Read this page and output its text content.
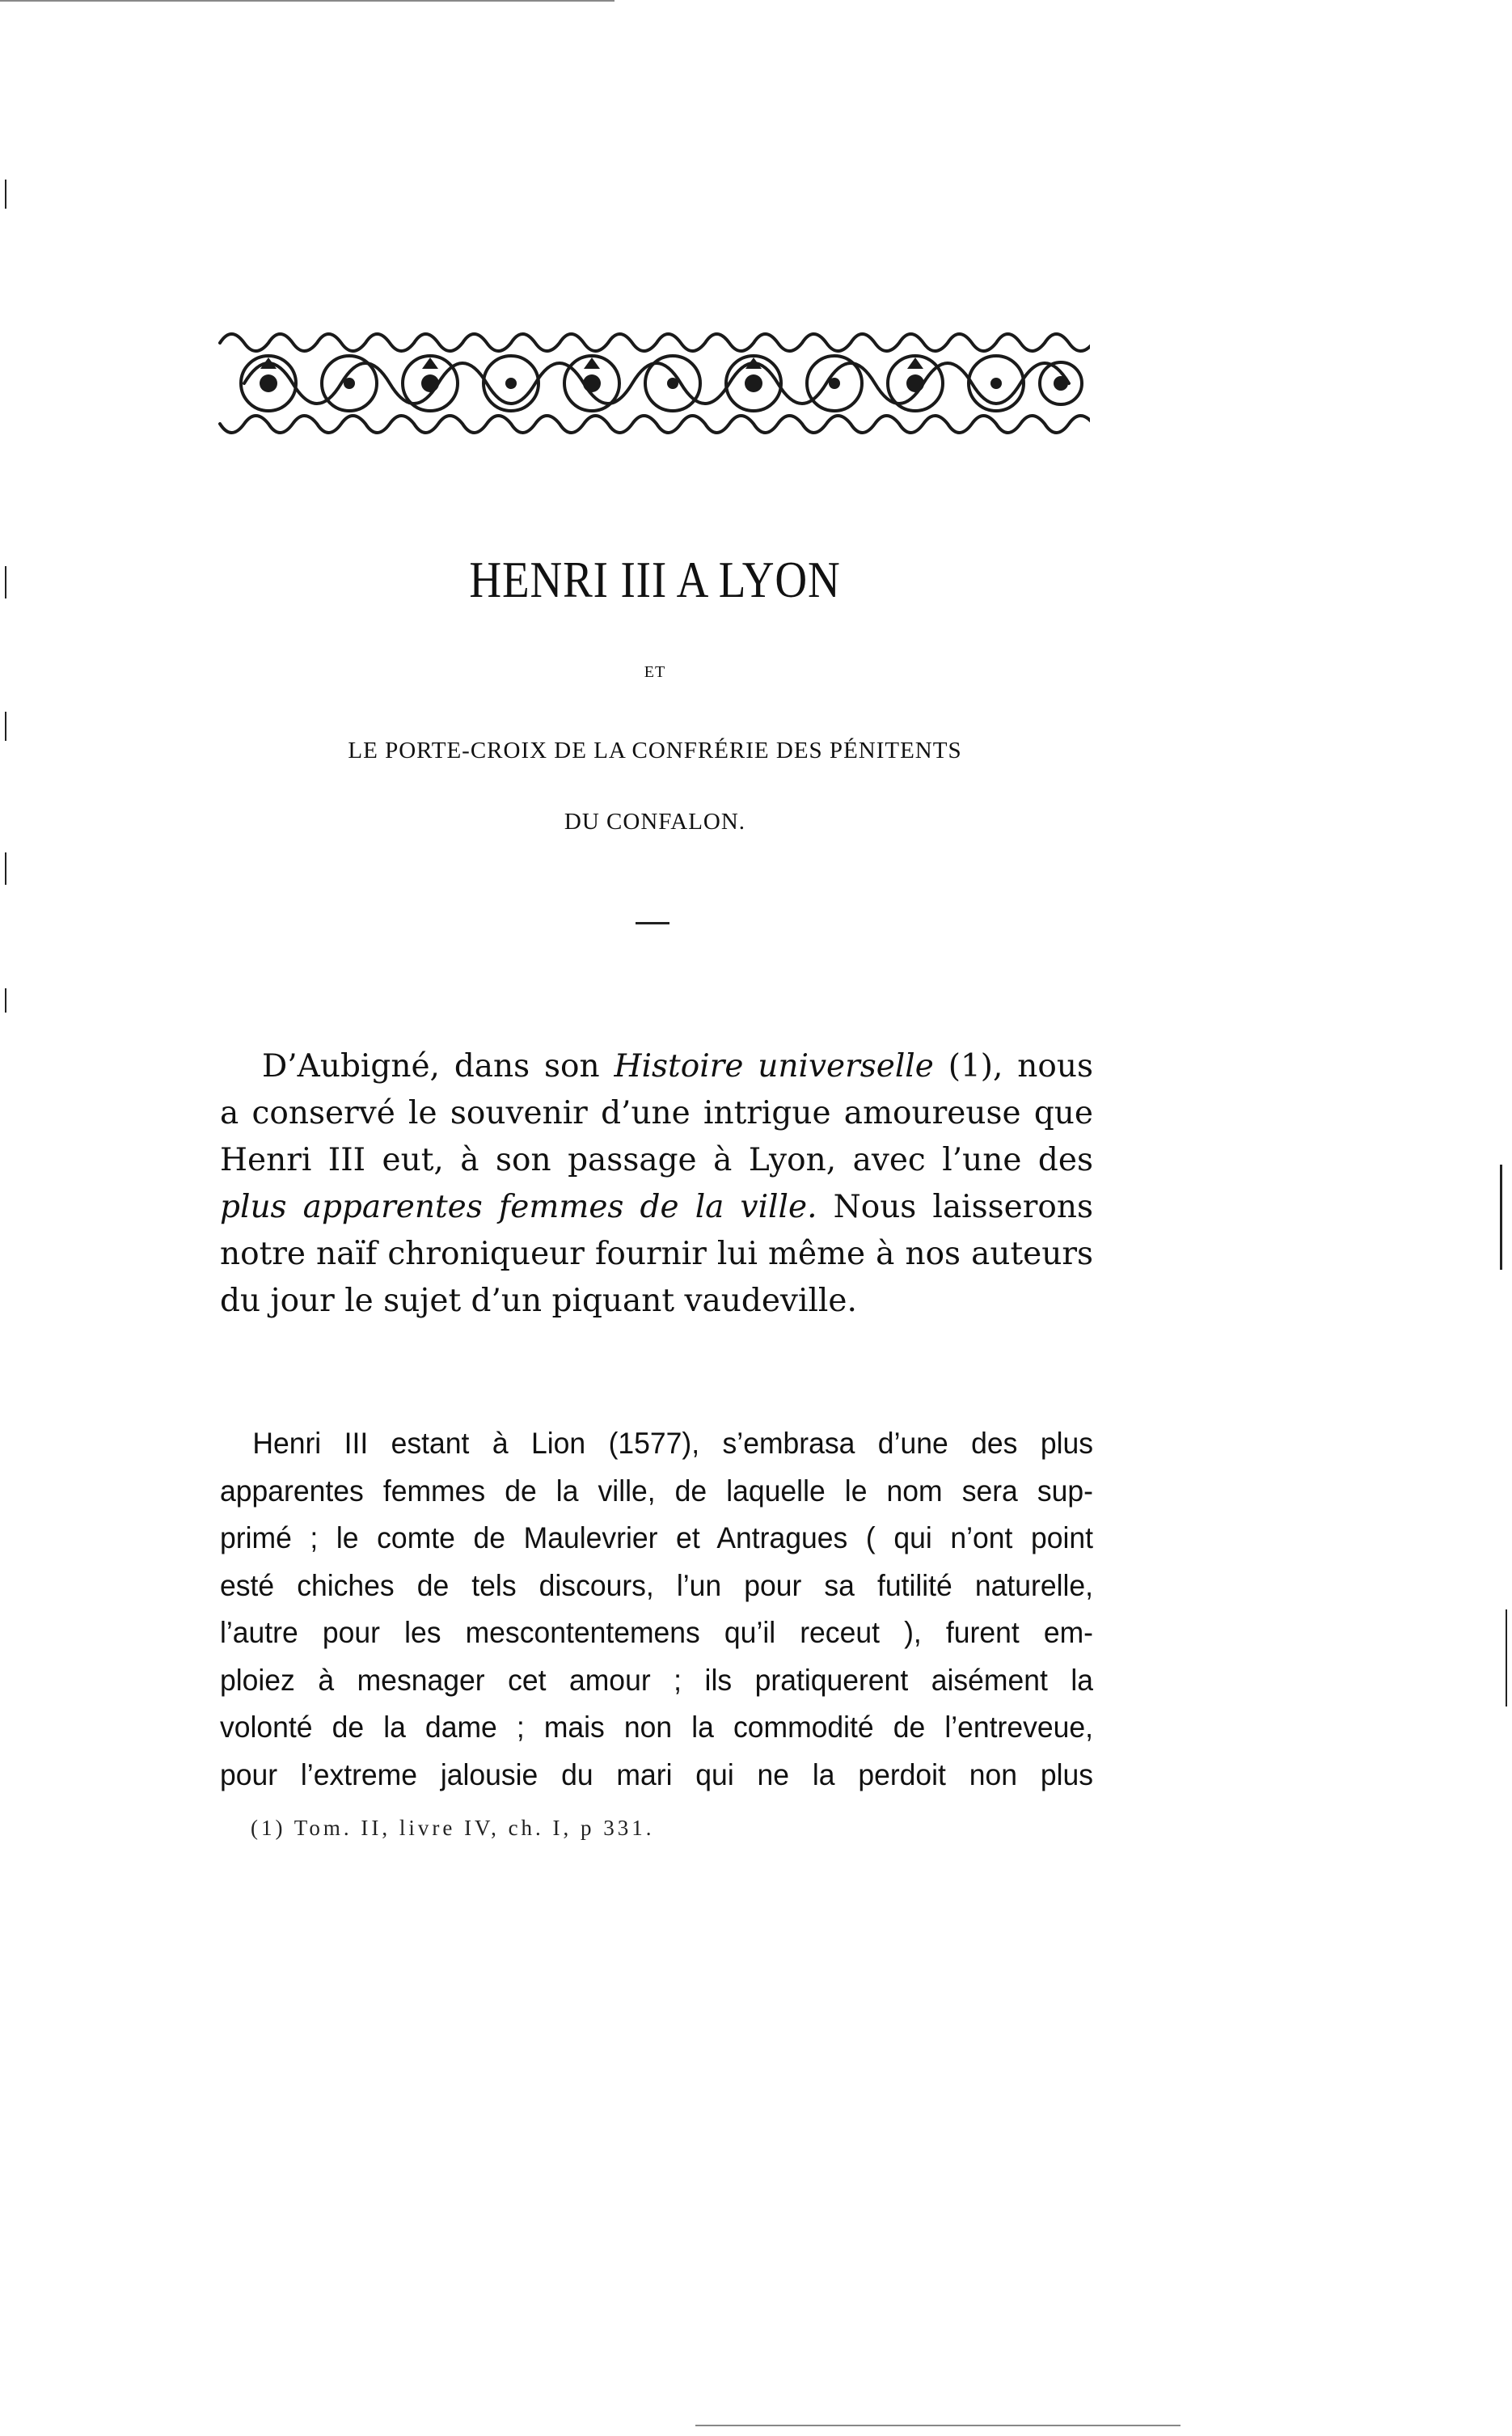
HENRI III A LYON
ET
LE PORTE-CROIX DE LA CONFRÉRIE DES PÉNITENTS
DU CONFALON.
D’Aubigné, dans son Histoire universelle (1), nous
a conservé le souvenir d’une intrigue amoureuse que
Henri III eut, à son passage à Lyon, avec l’une des
plus apparentes femmes de la ville. Nous laisserons
notre naïf chroniqueur fournir lui même à nos auteurs
du jour le sujet d’un piquant vaudeville.
Henri III estant à Lion (1577), s’embrasa d’une des plus
apparentes femmes de la ville, de laquelle le nom sera sup-
primé ; le comte de Maulevrier et Antragues ( qui n’ont point
esté chiches de tels discours, l’un pour sa futilité naturelle,
l’autre pour les mescontentemens qu’il receut ), furent em-
ploiez à mesnager cet amour ; ils pratiquerent aisément la
volonté de la dame ; mais non la commodité de l’entreveue,
pour l’extreme jalousie du mari qui ne la perdoit non plus
(1) Tom. II, livre IV, ch. I, p 331.
